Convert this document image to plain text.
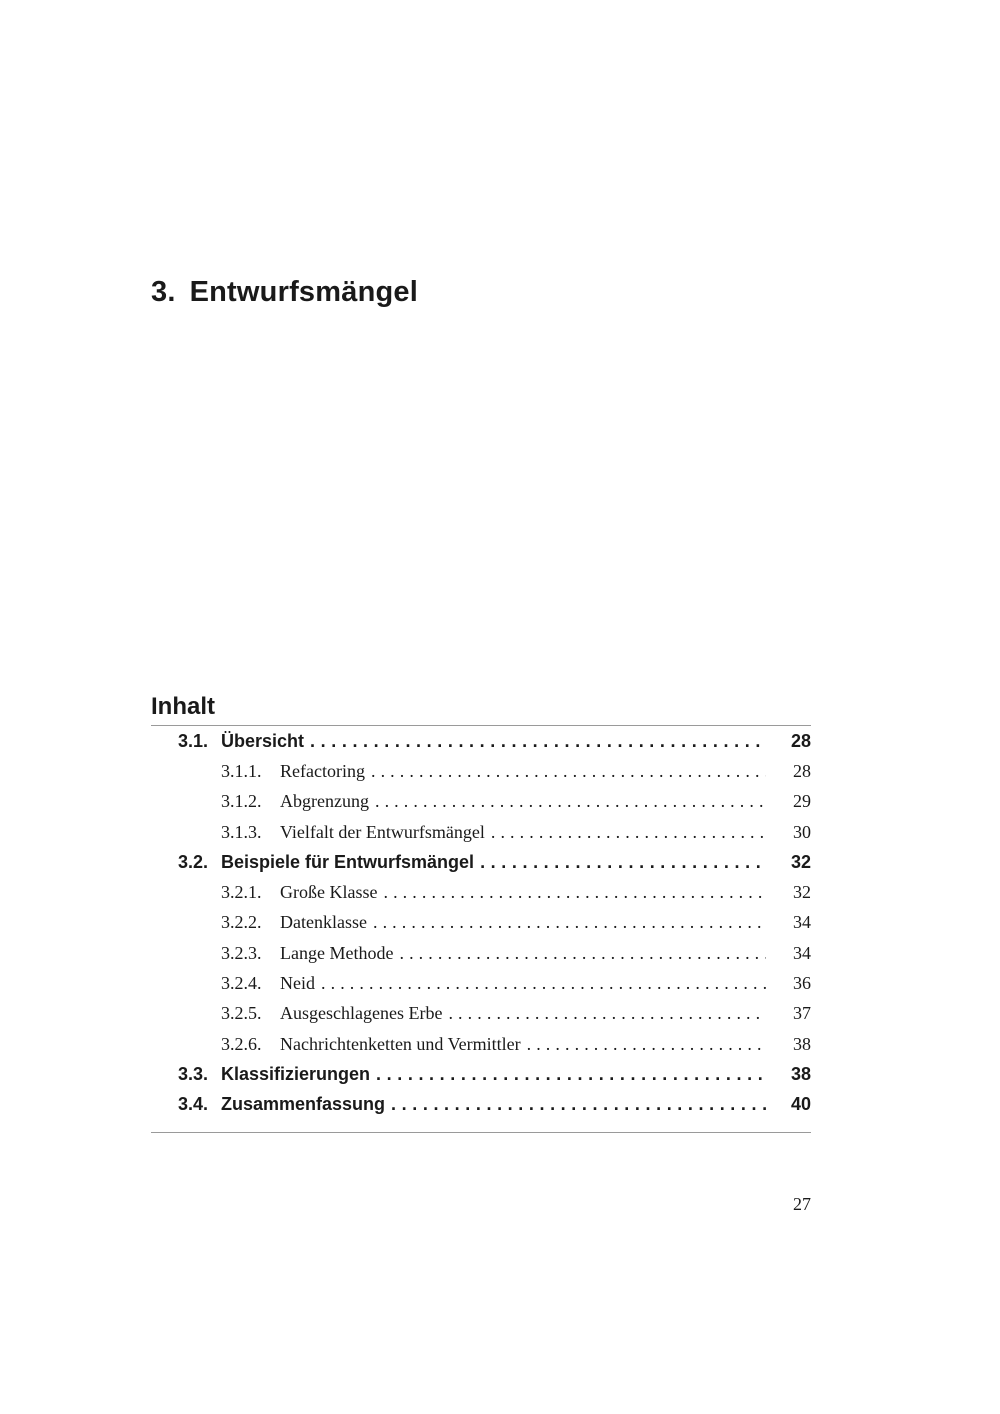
3. Entwurfsmängel
Inhalt
3.1. Übersicht . . .	28
3.1.1. Refactoring . . .	28
3.1.2. Abgrenzung . . .	29
3.1.3. Vielfalt der Entwurfsmängel . . .	30
3.2. Beispiele für Entwurfsmängel . . .	32
3.2.1. Große Klasse . . .	32
3.2.2. Datenklasse . . .	34
3.2.3. Lange Methode . . .	34
3.2.4. Neid . . .	36
3.2.5. Ausgeschlagenes Erbe . . .	37
3.2.6. Nachrichtenketten und Vermittler . . .	38
3.3. Klassifizierungen . . .	38
3.4. Zusammenfassung . . .	40
27
